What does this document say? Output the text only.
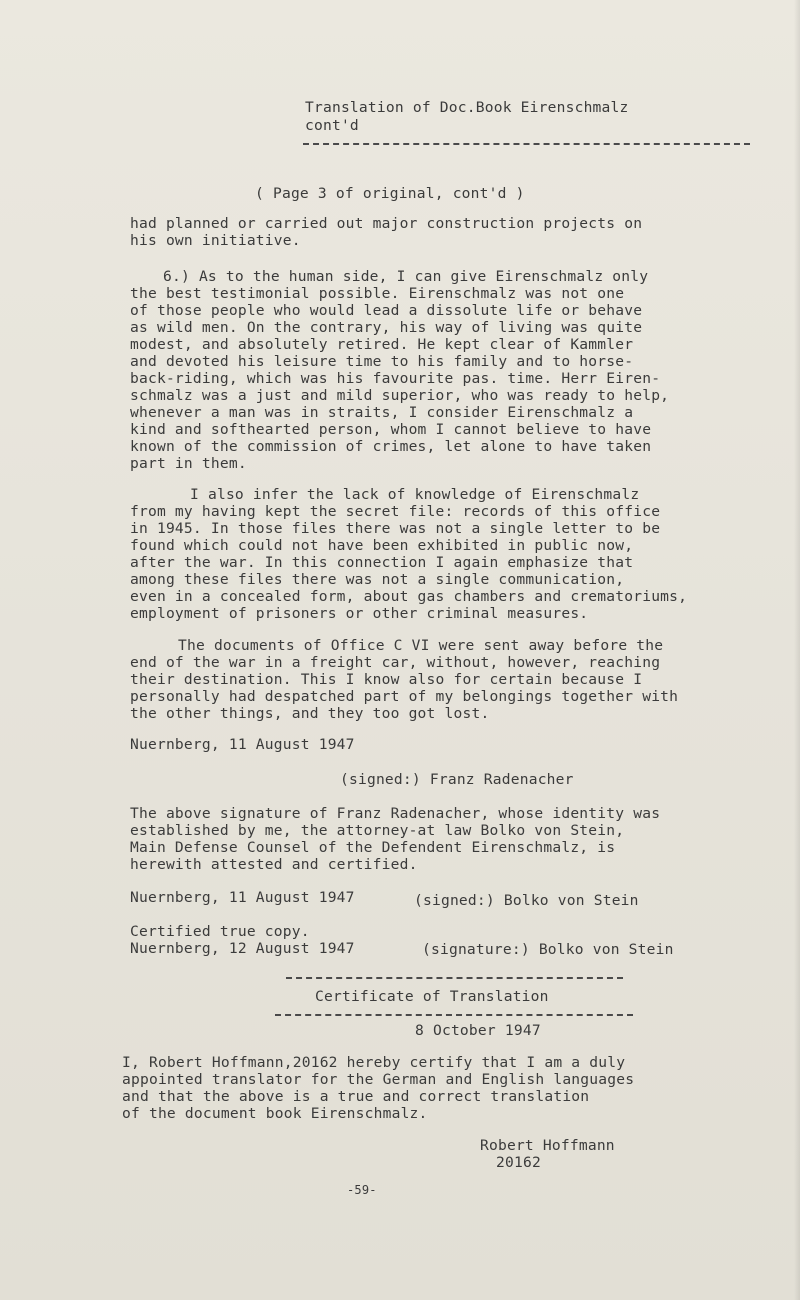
Translation of Doc.Book Eirenschmalz
cont'd
( Page 3 of original, cont'd )
had planned or carried out major construction projects on
his own initiative.
6.) As to the human side, I can give Eirenschmalz only
the best testimonial possible. Eirenschmalz was not one
of those people who would lead a dissolute life or behave
as wild men. On the contrary, his way of living was quite
modest, and absolutely retired. He kept clear of Kammler
and devoted his leisure time to his family and to horse-
back-riding, which was his favourite pas. time. Herr Eiren-
schmalz was a just and mild superior, who was ready to help,
whenever a man was in straits, I consider Eirenschmalz a
kind and softhearted person, whom I cannot believe to have
known of the commission of crimes, let alone to have taken
part in them.
I also infer the lack of knowledge of Eirenschmalz
from my having kept the secret file: records of this office
in 1945. In those files there was not a single letter to be
found which could not have been exhibited in public now,
after the war. In this connection I again emphasize that
among these files there was not a single communication,
even in a concealed form, about gas chambers and crematoriums,
employment of prisoners or other criminal measures.
The documents of Office C VI were sent away before the
end of the war in a freight car, without, however, reaching
their destination. This I know also for certain because I
personally had despatched part of my belongings together with
the other things, and they too got lost.
Nuernberg, 11 August 1947
(signed:) Franz Radenacher
The above signature of Franz Radenacher, whose identity was
established by me, the attorney-at law Bolko von Stein,
Main Defense Counsel of the Defendent Eirenschmalz, is
herewith attested and certified.
Nuernberg, 11 August 1947	(signed:) Bolko von Stein
Certified true copy.
Nuernberg, 12 August 1947	(signature:) Bolko von Stein
Certificate of Translation
8 October 1947
I, Robert Hoffmann,20162 hereby certify that I am a duly
appointed translator for the German and English languages
and that the above is a true and correct translation
of the document book Eirenschmalz.
Robert Hoffmann
20162
-59-
